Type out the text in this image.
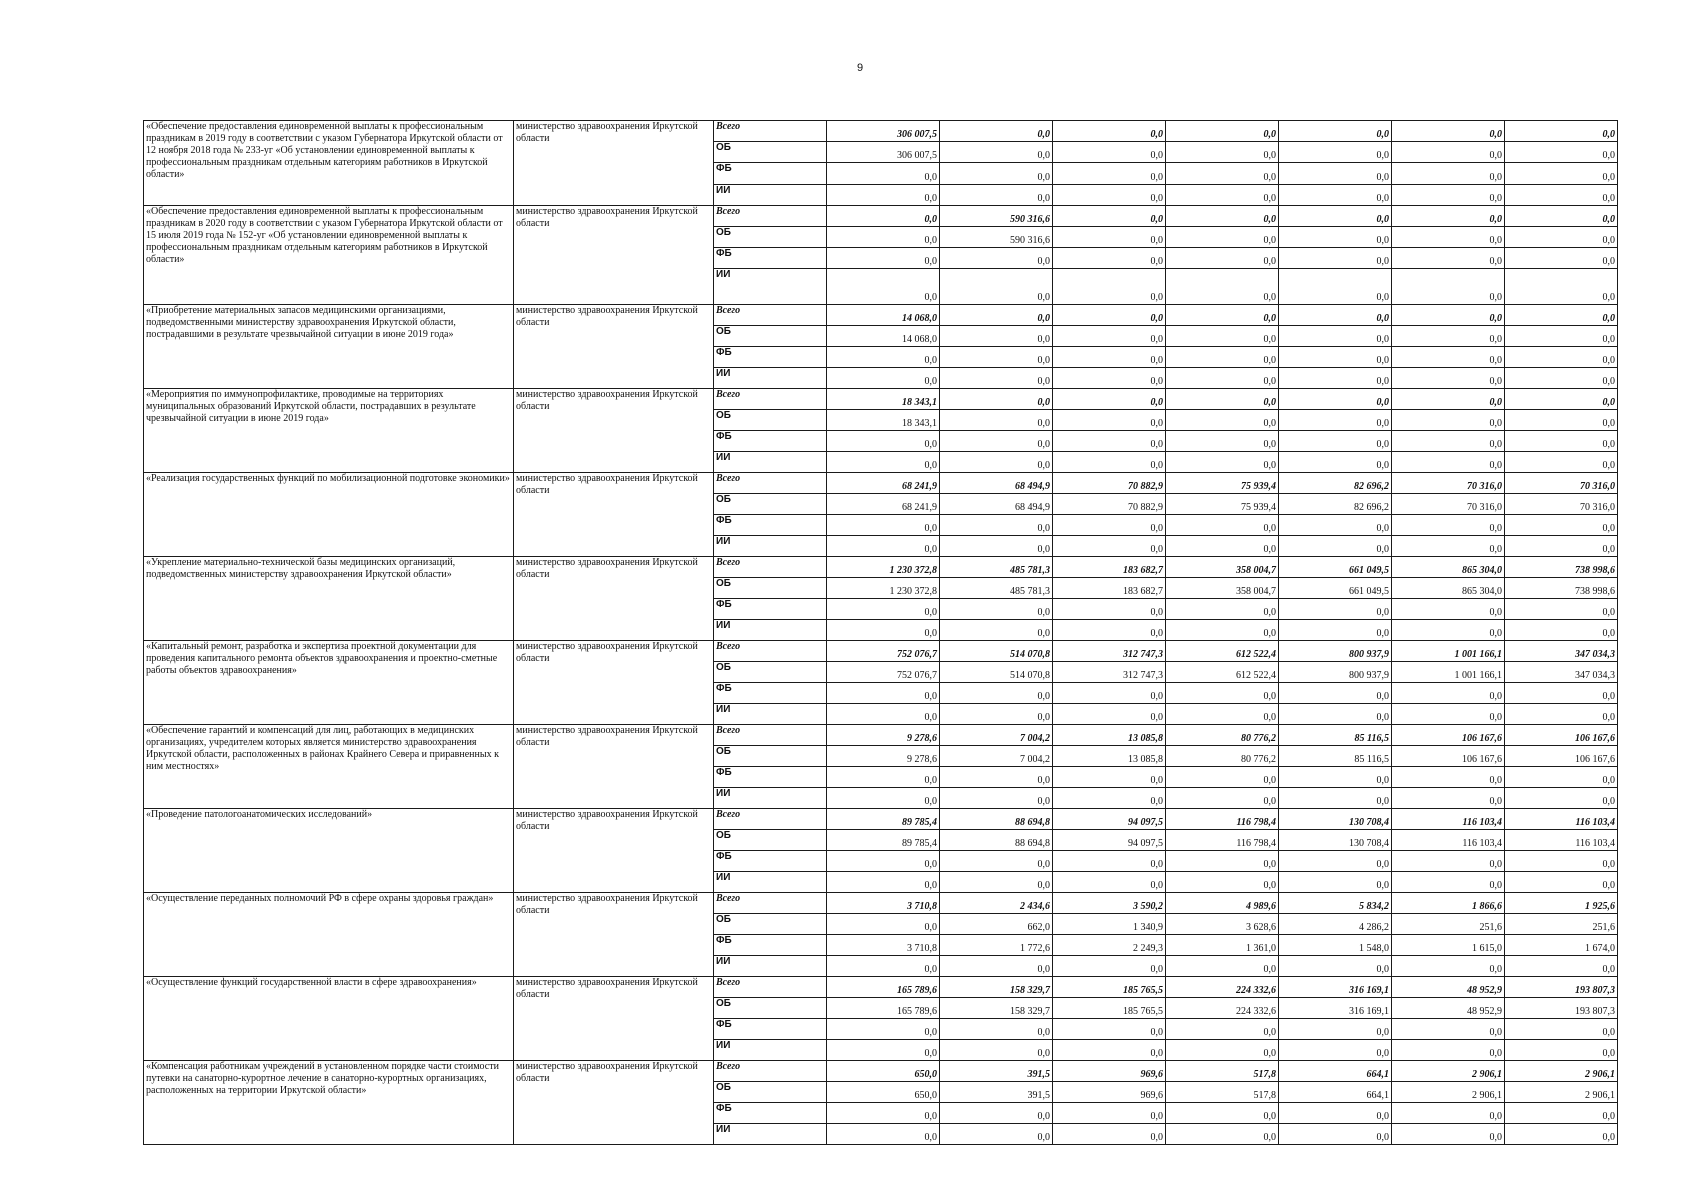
9
«Обеспечение предоставления единовременной выплаты к профессиональным праздникам в 2019 году в соответствии с указом Губернатора Иркутской области от 12 ноября 2018 года № 233-уг «Об установлении единовременной выплаты к профессиональным праздникам отдельным категориям работников в Иркутской области»	министерство здравоохранения Иркутской области	Всего	306 007,5	0,0	0,0	0,0	0,0	0,0	0,0
		ОБ	306 007,5	0,0	0,0	0,0	0,0	0,0	0,0
		ФБ	0,0	0,0	0,0	0,0	0,0	0,0	0,0
		ИИ	0,0	0,0	0,0	0,0	0,0	0,0	0,0
«Обеспечение предоставления единовременной выплаты к профессиональным праздникам в 2020 году в соответствии с указом Губернатора Иркутской области от 15 июля 2019 года № 152-уг «Об установлении единовременной выплаты к профессиональным праздникам отдельным категориям работников в Иркутской области»	министерство здравоохранения Иркутской области	Всего	0,0	590 316,6	0,0	0,0	0,0	0,0	0,0
		ОБ	0,0	590 316,6	0,0	0,0	0,0	0,0	0,0
		ФБ	0,0	0,0	0,0	0,0	0,0	0,0	0,0
		ИИ	0,0	0,0	0,0	0,0	0,0	0,0	0,0
«Приобретение материальных запасов медицинскими организациями, подведомственными министерству здравоохранения Иркутской области, пострадавшими в результате чрезвычайной ситуации в июне 2019 года»	министерство здравоохранения Иркутской области	Всего	14 068,0	0,0	0,0	0,0	0,0	0,0	0,0
		ОБ	14 068,0	0,0	0,0	0,0	0,0	0,0	0,0
		ФБ	0,0	0,0	0,0	0,0	0,0	0,0	0,0
		ИИ	0,0	0,0	0,0	0,0	0,0	0,0	0,0
«Мероприятия по иммунопрофилактике, проводимые на территориях муниципальных образований Иркутской области, пострадавших в результате чрезвычайной ситуации в июне 2019 года»	министерство здравоохранения Иркутской области	Всего	18 343,1	0,0	0,0	0,0	0,0	0,0	0,0
		ОБ	18 343,1	0,0	0,0	0,0	0,0	0,0	0,0
		ФБ	0,0	0,0	0,0	0,0	0,0	0,0	0,0
		ИИ	0,0	0,0	0,0	0,0	0,0	0,0	0,0
«Реализация государственных функций по мобилизационной подготовке экономики»	министерство здравоохранения Иркутской области	Всего	68 241,9	68 494,9	70 882,9	75 939,4	82 696,2	70 316,0	70 316,0
		ОБ	68 241,9	68 494,9	70 882,9	75 939,4	82 696,2	70 316,0	70 316,0
		ФБ	0,0	0,0	0,0	0,0	0,0	0,0	0,0
		ИИ	0,0	0,0	0,0	0,0	0,0	0,0	0,0
«Укрепление материально-технической базы медицинских организаций, подведомственных министерству здравоохранения Иркутской области»	министерство здравоохранения Иркутской области	Всего	1 230 372,8	485 781,3	183 682,7	358 004,7	661 049,5	865 304,0	738 998,6
		ОБ	1 230 372,8	485 781,3	183 682,7	358 004,7	661 049,5	865 304,0	738 998,6
		ФБ	0,0	0,0	0,0	0,0	0,0	0,0	0,0
		ИИ	0,0	0,0	0,0	0,0	0,0	0,0	0,0
«Капитальный ремонт, разработка и экспертиза проектной документации для проведения капитального ремонта объектов здравоохранения и проектно-сметные работы объектов здравоохранения»	министерство здравоохранения Иркутской области	Всего	752 076,7	514 070,8	312 747,3	612 522,4	800 937,9	1 001 166,1	347 034,3
		ОБ	752 076,7	514 070,8	312 747,3	612 522,4	800 937,9	1 001 166,1	347 034,3
		ФБ	0,0	0,0	0,0	0,0	0,0	0,0	0,0
		ИИ	0,0	0,0	0,0	0,0	0,0	0,0	0,0
«Обеспечение гарантий и компенсаций для лиц, работающих в медицинских организациях, учредителем которых является министерство здравоохранения Иркутской области, расположенных в районах Крайнего Севера и приравненных к ним местностях»	министерство здравоохранения Иркутской области	Всего	9 278,6	7 004,2	13 085,8	80 776,2	85 116,5	106 167,6	106 167,6
		ОБ	9 278,6	7 004,2	13 085,8	80 776,2	85 116,5	106 167,6	106 167,6
		ФБ	0,0	0,0	0,0	0,0	0,0	0,0	0,0
		ИИ	0,0	0,0	0,0	0,0	0,0	0,0	0,0
«Проведение патологоанатомических исследований»	министерство здравоохранения Иркутской области	Всего	89 785,4	88 694,8	94 097,5	116 798,4	130 708,4	116 103,4	116 103,4
		ОБ	89 785,4	88 694,8	94 097,5	116 798,4	130 708,4	116 103,4	116 103,4
		ФБ	0,0	0,0	0,0	0,0	0,0	0,0	0,0
		ИИ	0,0	0,0	0,0	0,0	0,0	0,0	0,0
«Осуществление переданных полномочий РФ в сфере охраны здоровья граждан»	министерство здравоохранения Иркутской области	Всего	3 710,8	2 434,6	3 590,2	4 989,6	5 834,2	1 866,6	1 925,6
		ОБ	0,0	662,0	1 340,9	3 628,6	4 286,2	251,6	251,6
		ФБ	3 710,8	1 772,6	2 249,3	1 361,0	1 548,0	1 615,0	1 674,0
		ИИ	0,0	0,0	0,0	0,0	0,0	0,0	0,0
«Осуществление функций государственной власти в сфере здравоохранения»	министерство здравоохранения Иркутской области	Всего	165 789,6	158 329,7	185 765,5	224 332,6	316 169,1	48 952,9	193 807,3
		ОБ	165 789,6	158 329,7	185 765,5	224 332,6	316 169,1	48 952,9	193 807,3
		ФБ	0,0	0,0	0,0	0,0	0,0	0,0	0,0
		ИИ	0,0	0,0	0,0	0,0	0,0	0,0	0,0
«Компенсация работникам учреждений в установленном порядке части стоимости путевки на санаторно-курортное лечение в санаторно-курортных организациях, расположенных на территории Иркутской области»	министерство здравоохранения Иркутской области	Всего	650,0	391,5	969,6	517,8	664,1	2 906,1	2 906,1
		ОБ	650,0	391,5	969,6	517,8	664,1	2 906,1	2 906,1
		ФБ	0,0	0,0	0,0	0,0	0,0	0,0	0,0
		ИИ	0,0	0,0	0,0	0,0	0,0	0,0	0,0
